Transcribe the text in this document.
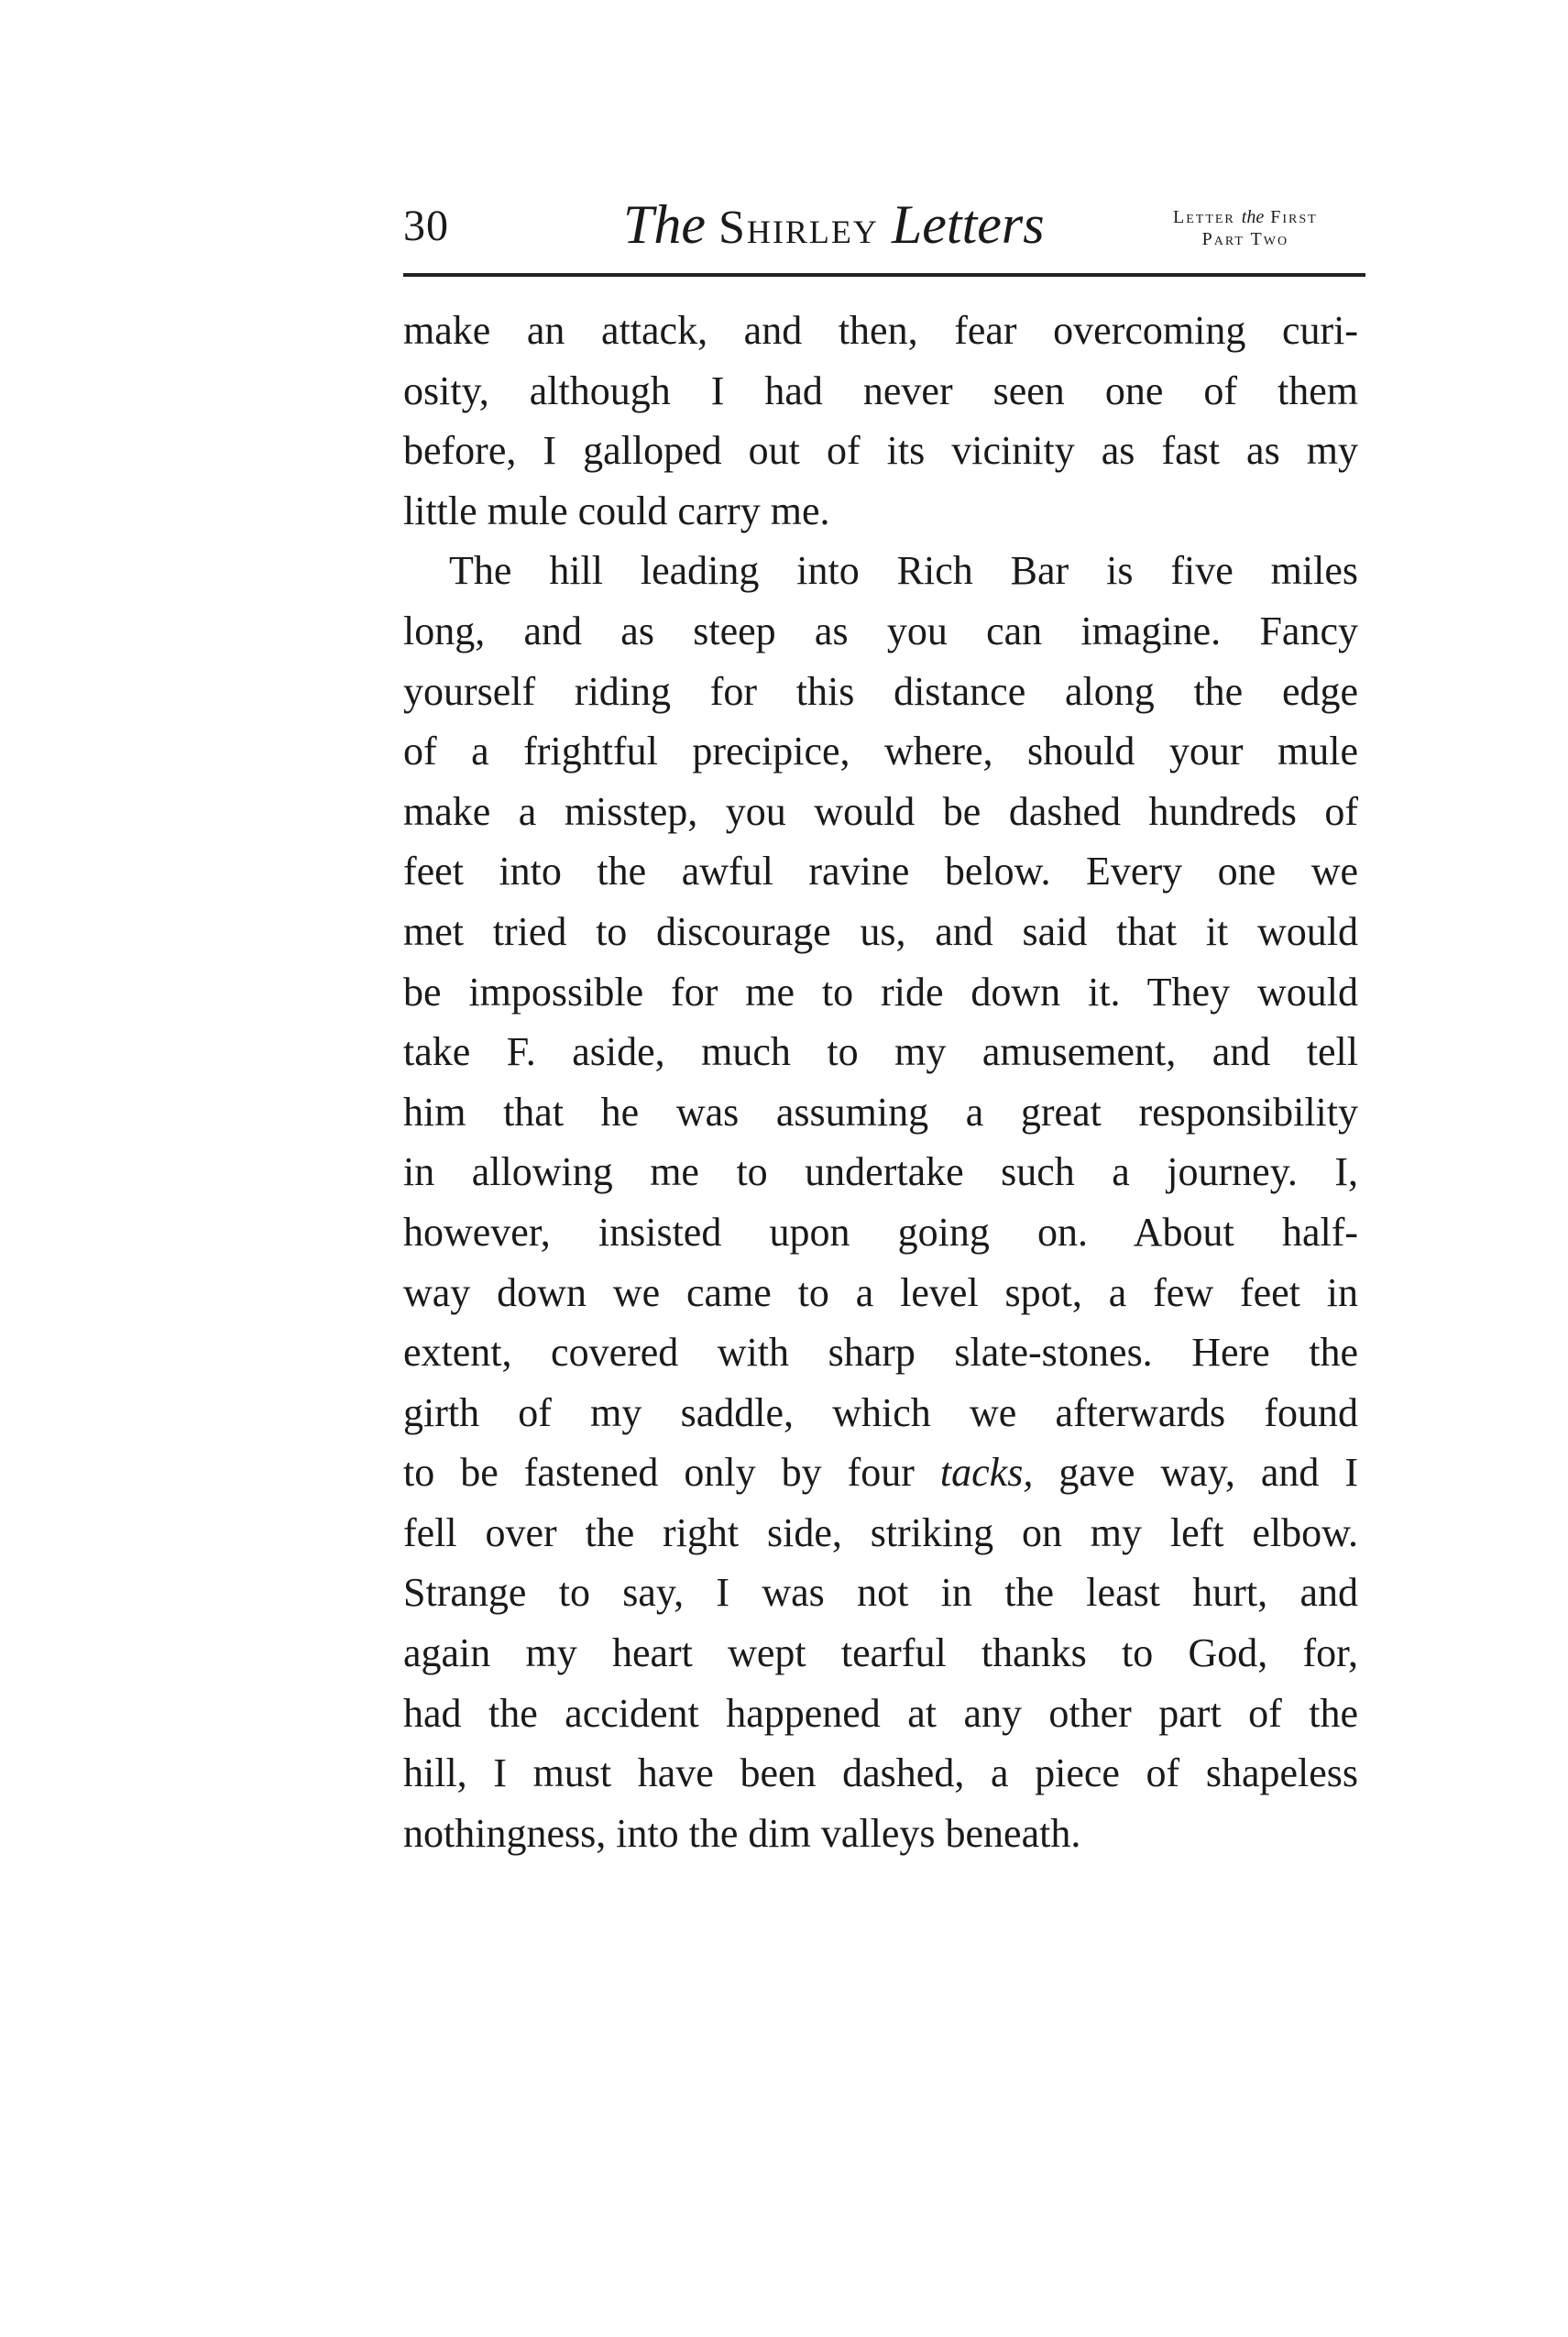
30	The Shirley Letters	Letter the First
Part Two
make an attack, and then, fear overcoming curi-
osity, although I had never seen one of them
before, I galloped out of its vicinity as fast as my
little mule could carry me.
The hill leading into Rich Bar is five miles
long, and as steep as you can imagine. Fancy
yourself riding for this distance along the edge
of a frightful precipice, where, should your mule
make a misstep, you would be dashed hundreds of
feet into the awful ravine below. Every one we
met tried to discourage us, and said that it would
be impossible for me to ride down it. They would
take F. aside, much to my amusement, and tell
him that he was assuming a great responsibility
in allowing me to undertake such a journey. I,
however, insisted upon going on. About half-
way down we came to a level spot, a few feet in
extent, covered with sharp slate-stones. Here the
girth of my saddle, which we afterwards found
to be fastened only by four tacks, gave way, and I
fell over the right side, striking on my left elbow.
Strange to say, I was not in the least hurt, and
again my heart wept tearful thanks to God, for,
had the accident happened at any other part of the
hill, I must have been dashed, a piece of shapeless
nothingness, into the dim valleys beneath.
